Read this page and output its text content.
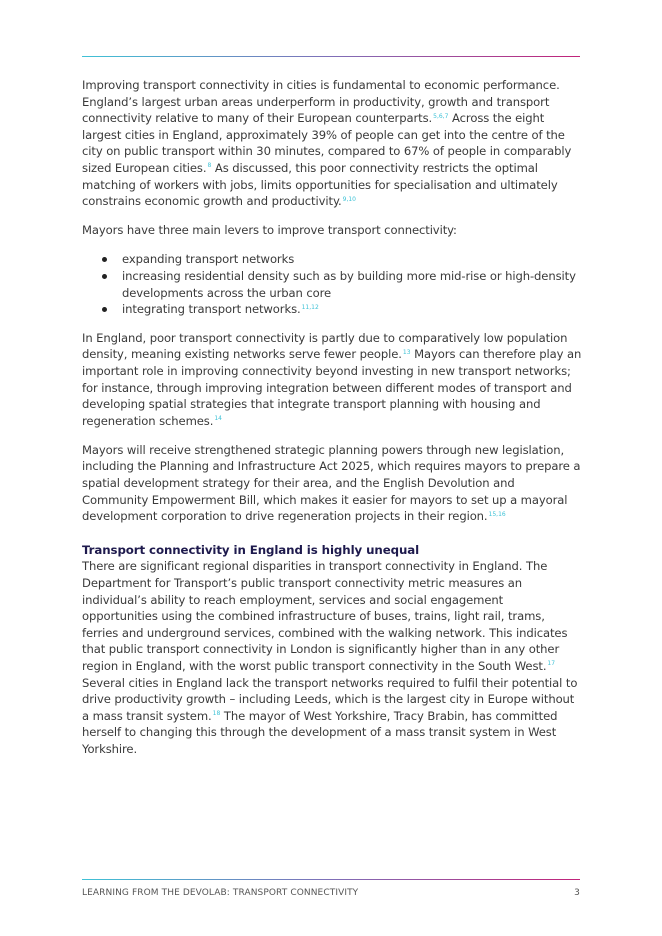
Improving transport connectivity in cities is fundamental to economic performance. England’s largest urban areas underperform in productivity, growth and transport connectivity relative to many of their European counterparts.$^{5,6,7}$ Across the eight largest cities in England, approximately 39% of people can get into the centre of the city on public transport within 30 minutes, compared to 67% of people in comparably sized European cities.$^8$ As discussed, this poor connectivity restricts the optimal matching of workers with jobs, limits opportunities for specialisation and ultimately constrains economic growth and productivity.$^{9,10}$

Mayors have three main levers to improve transport connectivity:

expanding transport networks
increasing residential density such as by building more mid-rise or high-density developments across the urban core
integrating transport networks.$^{11,12}$

In England, poor transport connectivity is partly due to comparatively low population density, meaning existing networks serve fewer people.$^{13}$ Mayors can therefore play an important role in improving connectivity beyond investing in new transport networks; for instance, through improving integration between different modes of transport and developing spatial strategies that integrate transport planning with housing and regeneration schemes.$^{14}$

Mayors will receive strengthened strategic planning powers through new legislation, including the Planning and Infrastructure Act 2025, which requires mayors to prepare a spatial development strategy for their area, and the English Devolution and Community Empowerment Bill, which makes it easier for mayors to set up a mayoral development corporation to drive regeneration projects in their region.$^{15,16}$

Transport connectivity in England is highly unequal

There are significant regional disparities in transport connectivity in England. The Department for Transport’s public transport connectivity metric measures an individual’s ability to reach employment, services and social engagement opportunities using the combined infrastructure of buses, trains, light rail, trams, ferries and underground services, combined with the walking network. This indicates that public transport connectivity in London is significantly higher than in any other region in England, with the worst public transport connectivity in the South West.$^{17}$ Several cities in England lack the transport networks required to fulfil their potential to drive productivity growth – including Leeds, which is the largest city in Europe without a mass transit system.$^{18}$ The mayor of West Yorkshire, Tracy Brabin, has committed herself to changing this through the development of a mass transit system in West Yorkshire.

LEARNING FROM THE DEVOLAB: TRANSPORT CONNECTIVITY	3
